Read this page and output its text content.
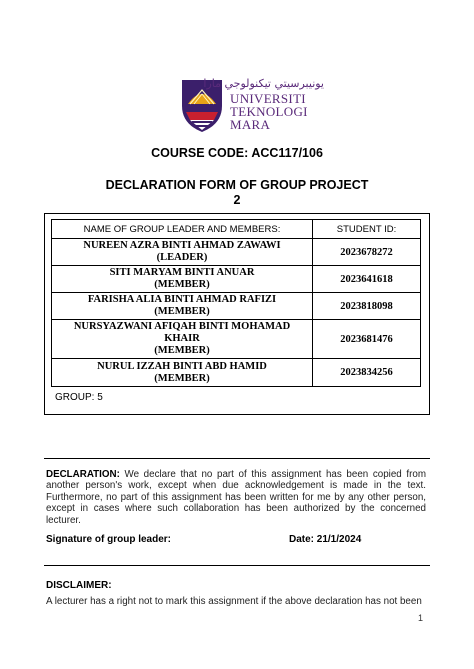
يونيبرسيتي تيکنولوجي مارا
UNIVERSITI
TEKNOLOGI
MARA
COURSE CODE: ACC117/106
DECLARATION FORM OF GROUP PROJECT
2
NAME OF GROUP LEADER AND MEMBERS:	STUDENT ID:

NUREEN AZRA BINTI AHMAD ZAWAWI
(LEADER)	2023678272

SITI MARYAM BINTI ANUAR
(MEMBER)	2023641618

FARISHA ALIA BINTI AHMAD RAFIZI
(MEMBER)	2023818098

NURSYAZWANI AFIQAH BINTI MOHAMAD
KHAIR
(MEMBER)	2023681476

NURUL IZZAH BINTI ABD HAMID
(MEMBER)	2023834256
GROUP: 5
DECLARATION: We declare that no part of this assignment has been copied from another person's work, except when due acknowledgement is made in the text. Furthermore, no part of this assignment has been written for me by any other person, except in cases where such collaboration has been authorized by the concerned lecturer.
Signature of group leader:	Date: 21/1/2024
DISCLAIMER:
A lecturer has a right not to mark this assignment if the above declaration has not been
1
